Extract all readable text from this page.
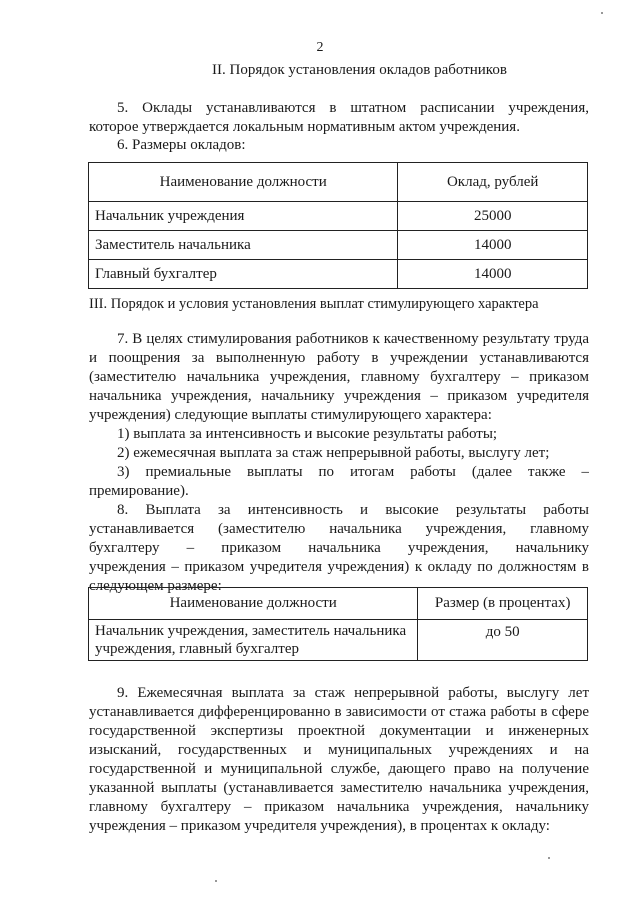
2
II. Порядок установления окладов работников
5. Оклады устанавливаются в штатном расписании учреждения,
которое утверждается локальным нормативным актом учреждения.
6. Размеры окладов:
Наименование должности	Оклад, рублей
Начальник учреждения	25000
Заместитель начальника	14000
Главный бухгалтер	14000
III. Порядок и условия установления выплат стимулирующего характера
7. В целях стимулирования работников к качественному результату труда
и поощрения за выполненную работу в учреждении устанавливаются
(заместителю начальника учреждения, главному бухгалтеру – приказом
начальника учреждения, начальнику учреждения – приказом учредителя
учреждения) следующие выплаты стимулирующего характера:
1) выплата за интенсивность и высокие результаты работы;
2) ежемесячная выплата за стаж непрерывной работы, выслугу лет;
3) премиальные выплаты по итогам работы (далее также –
премирование).
8. Выплата за интенсивность и высокие результаты работы
устанавливается (заместителю начальника учреждения, главному
бухгалтеру – приказом начальника учреждения, начальнику
учреждения – приказом учредителя учреждения) к окладу по должностям в
следующем размере:
Наименование должности	Размер (в процентах)
Начальник учреждения, заместитель начальника учреждения, главный бухгалтер	до 50
9. Ежемесячная выплата за стаж непрерывной работы, выслугу лет
устанавливается дифференцированно в зависимости от стажа работы в сфере
государственной экспертизы проектной документации и инженерных
изысканий, государственных и муниципальных учреждениях и на
государственной и муниципальной службе, дающего право на получение
указанной выплаты (устанавливается заместителю начальника учреждения,
главному бухгалтеру – приказом начальника учреждения, начальнику
учреждения – приказом учредителя учреждения), в процентах к окладу:
